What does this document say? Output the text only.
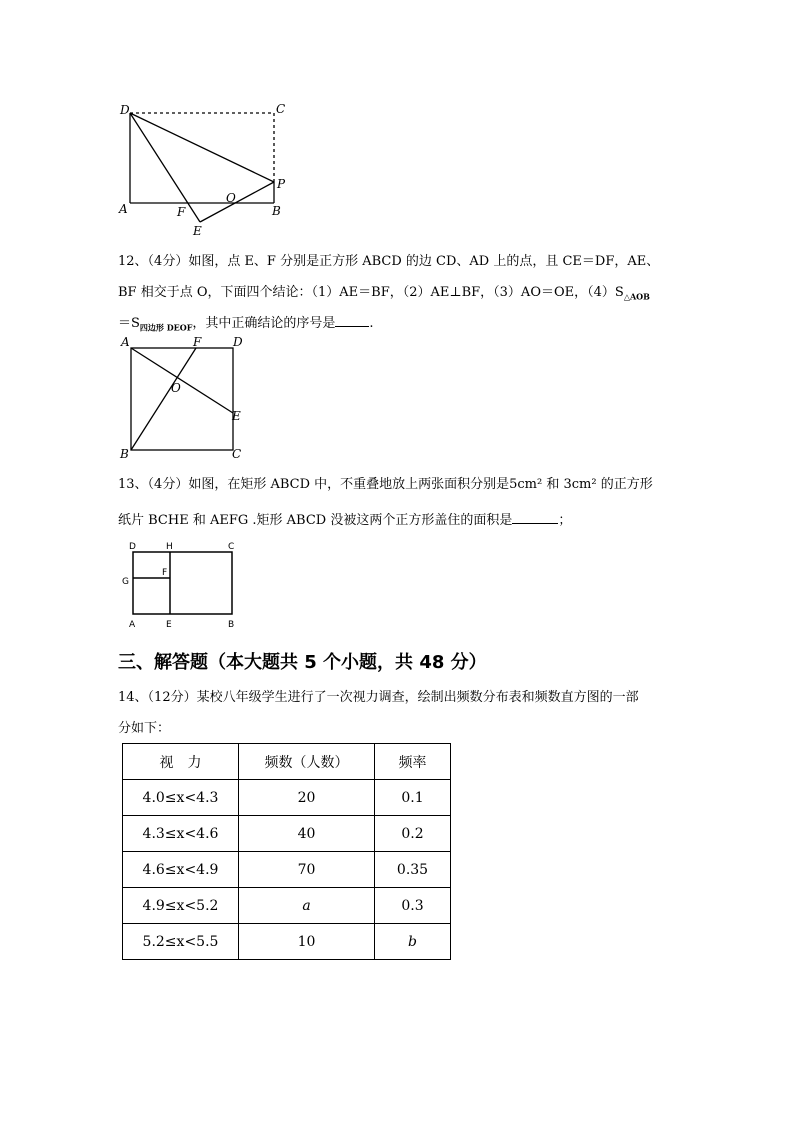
D	C
A	B
P
O
F
E
A	F	D
O
E
B	C
D	H	C
G
F
A	E	B
12、（4分）如图，点 E、F 分别是正方形 ABCD 的边 CD、AD 上的点，且 CE＝DF，AE、
BF 相交于点 O，下面四个结论：（1）AE＝BF，（2）AE⊥BF，（3）AO＝OE，$(4)S_{\triangle AOB}$
$=S_{四边形 DEOF}$，其中正确结论的序号是	.
13、（4分）如图，在矩形 ABCD 中，不重叠地放上两张面积分别是5cm² 和 3cm² 的正方形
纸片 BCHE 和 AEFG .矩形 ABCD 没被这两个正方形盖住的面积是	；
三、解答题（本大题共 5 个小题，共 48 分）
14、（12分）某校八年级学生进行了一次视力调查，绘制出频数分布表和频数直方图的一部
分如下：
视　力	频数（人数）	频率
4.0≤x<4.3	20	0.1
4.3≤x<4.6	40	0.2
4.6≤x<4.9	70	0.35
4.9≤x<5.2	a	0.3
5.2≤x<5.5	10	b
